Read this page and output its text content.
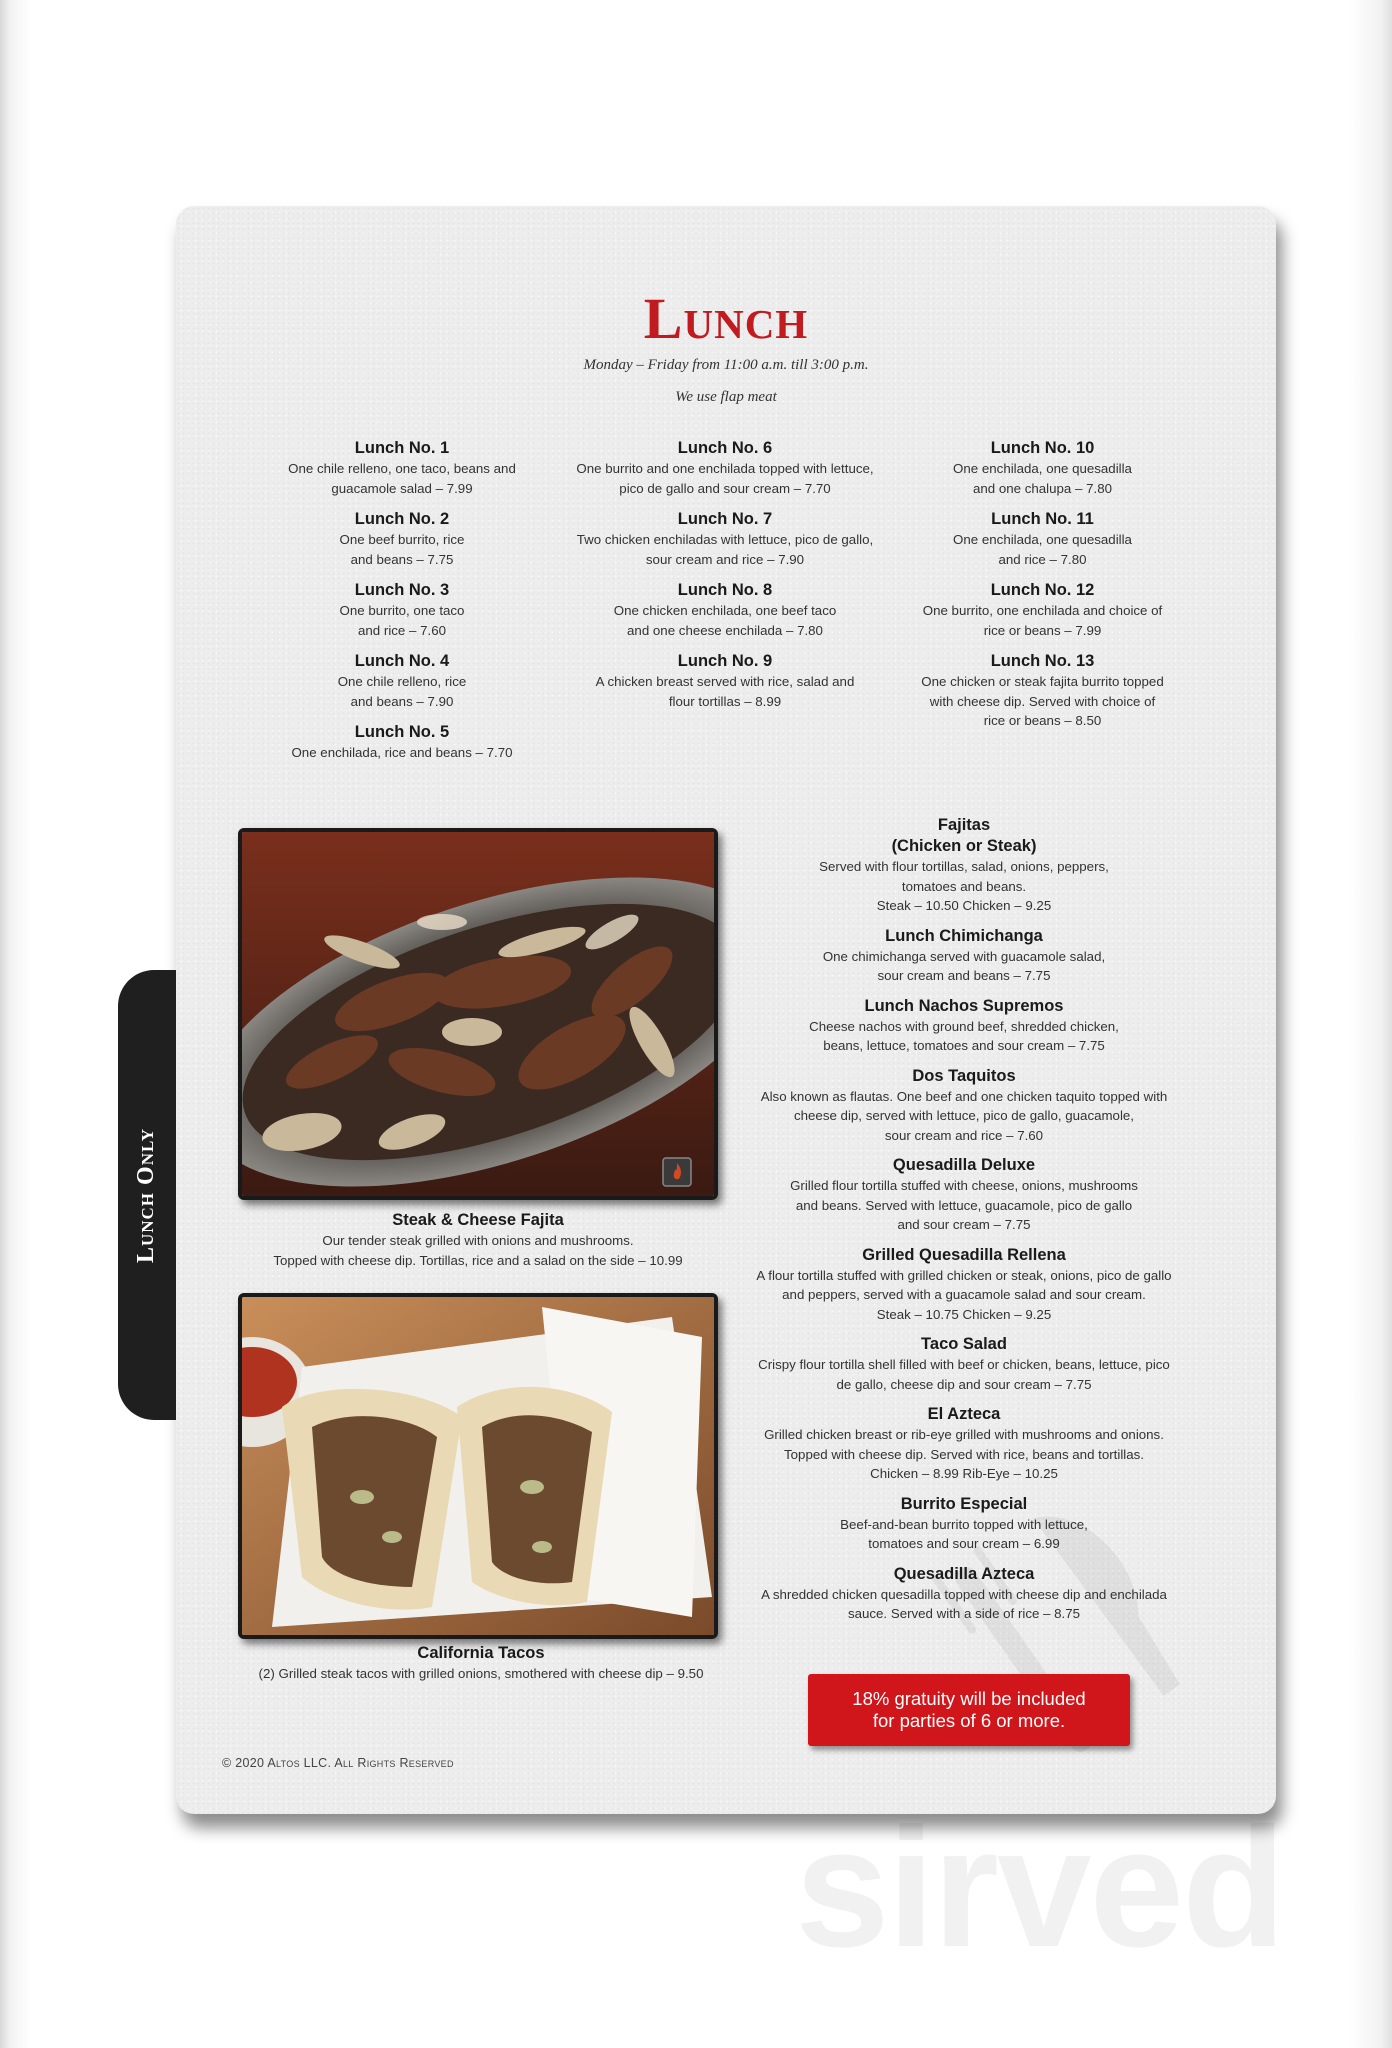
Lunch Only
sirved
Lunch
Monday – Friday from 11:00 a.m. till 3:00 p.m.
We use flap meat
Lunch No. 1

One chile relleno, one taco, beans and
guacamole salad – 7.99

Lunch No. 2

One beef burrito, rice
and beans – 7.75

Lunch No. 3

One burrito, one taco
and rice – 7.60

Lunch No. 4

One chile relleno, rice
and beans – 7.90

Lunch No. 5

One enchilada, rice and beans – 7.70

Lunch No. 6

One burrito and one enchilada topped with lettuce,
pico de gallo and sour cream – 7.70

Lunch No. 7

Two chicken enchiladas with lettuce, pico de gallo,
sour cream and rice – 7.90

Lunch No. 8

One chicken enchilada, one beef taco
and one cheese enchilada – 7.80

Lunch No. 9

A chicken breast served with rice, salad and
flour tortillas – 8.99

Lunch No. 10

One enchilada, one quesadilla
and one chalupa – 7.80

Lunch No. 11

One enchilada, one quesadilla
and rice – 7.80

Lunch No. 12

One burrito, one enchilada and choice of
rice or beans – 7.99

Lunch No. 13

One chicken or steak fajita burrito topped
with cheese dip. Served with choice of
rice or beans – 8.50

Steak & Cheese Fajita

Our tender steak grilled with onions and mushrooms.
Topped with cheese dip. Tortillas, rice and a salad on the side – 10.99

California Tacos

(2) Grilled steak tacos with grilled onions, smothered with cheese dip – 9.50

Fajitas
(Chicken or Steak)

Served with flour tortillas, salad, onions, peppers,
tomatoes and beans.
Steak – 10.50 Chicken – 9.25

Lunch Chimichanga

One chimichanga served with guacamole salad,
sour cream and beans – 7.75

Lunch Nachos Supremos

Cheese nachos with ground beef, shredded chicken,
beans, lettuce, tomatoes and sour cream – 7.75

Dos Taquitos

Also known as flautas. One beef and one chicken taquito topped with
cheese dip, served with lettuce, pico de gallo, guacamole,
sour cream and rice – 7.60

Quesadilla Deluxe

Grilled flour tortilla stuffed with cheese, onions, mushrooms
and beans. Served with lettuce, guacamole, pico de gallo
and sour cream – 7.75

Grilled Quesadilla Rellena

A flour tortilla stuffed with grilled chicken or steak, onions, pico de gallo
and peppers, served with a guacamole salad and sour cream.
Steak – 10.75 Chicken – 9.25

Taco Salad

Crispy flour tortilla shell filled with beef or chicken, beans, lettuce, pico
de gallo, cheese dip and sour cream – 7.75

El Azteca

Grilled chicken breast or rib-eye grilled with mushrooms and onions.
Topped with cheese dip. Served with rice, beans and tortillas.
Chicken – 8.99 Rib-Eye – 10.25

Burrito Especial

Beef-and-bean burrito topped with lettuce,
tomatoes and sour cream – 6.99

Quesadilla Azteca

A shredded chicken quesadilla topped with cheese dip and enchilada
sauce. Served with a side of rice – 8.75

18% gratuity will be included
for parties of 6 or more.
© 2020 Altos LLC. All Rights Reserved
